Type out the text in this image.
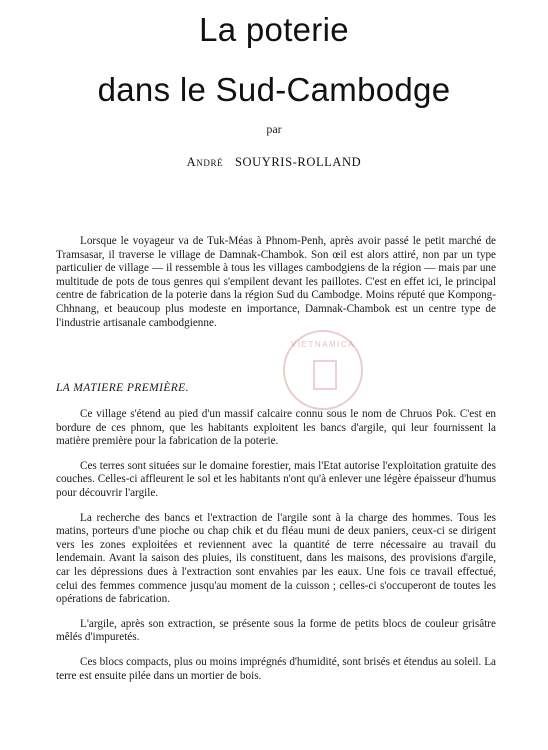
La poterie
dans le Sud-Cambodge
par
André SOUYRIS-ROLLAND

Lorsque le voyageur va de Tuk-Méas à Phnom-Penh, après avoir passé le petit marché de Tramsasar, il traverse le village de Damnak-Chambok. Son œil est alors attiré, non par un type particulier de village — il ressemble à tous les villages cambodgiens de la région — mais par une multitude de pots de tous genres qui s'empilent devant les paillotes. C'est en effet ici, le principal centre de fabrication de la poterie dans la région Sud du Cambodge. Moins réputé que Kompong-Chhnang, et beaucoup plus modeste en importance, Damnak-Chambok est un centre type de l'industrie artisanale cambodgienne.

VIETNAMICA
LA MATIERE PREMIÈRE.

Ce village s'étend au pied d'un massif calcaire connu sous le nom de Chruos Pok. C'est en bordure de ces phnom, que les habitants exploitent les bancs d'argile, qui leur fournissent la matière première pour la fabrication de la poterie.

Ces terres sont situées sur le domaine forestier, mais l'Etat autorise l'exploitation gratuite des couches. Celles-ci affleurent le sol et les habitants n'ont qu'à enlever une légère épaisseur d'humus pour découvrir l'argile.

La recherche des bancs et l'extraction de l'argile sont à la charge des hommes. Tous les matins, porteurs d'une pioche ou chap chik et du fléau muni de deux paniers, ceux-ci se dirigent vers les zones exploitées et reviennent avec la quantité de terre nécessaire au travail du lendemain. Avant la saison des pluies, ils constituent, dans les maisons, des provisions d'argile, car les dépressions dues à l'extraction sont envahies par les eaux. Une fois ce travail effectué, celui des femmes commence jusqu'au moment de la cuisson ; celles-ci s'occuperont de toutes les opérations de fabrication.

L'argile, après son extraction, se présente sous la forme de petits blocs de couleur grisâtre mêlés d'impuretés.

Ces blocs compacts, plus ou moins imprégnés d'humidité, sont brisés et étendus au soleil. La terre est ensuite pilée dans un mortier de bois.
